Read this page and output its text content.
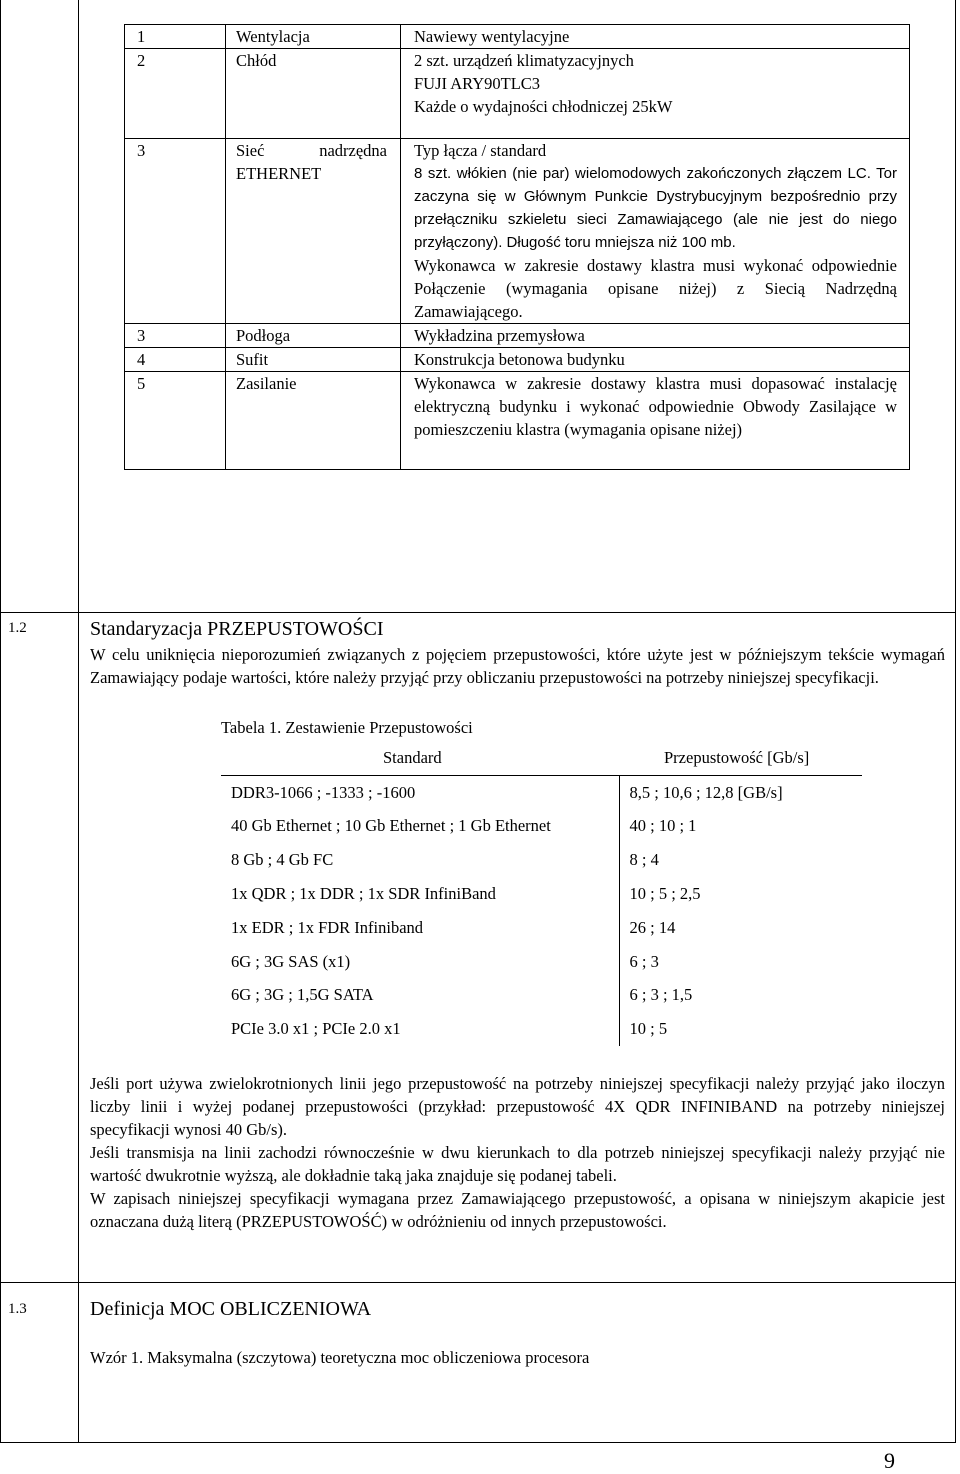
1	Wentylacja	Nawiewy wentylacyjne

2	Chłód	2 szt. urządzeń klimatyzacyjnych
FUJI ARY90TLC3
Każde o wydajności chłodniczej 25kW

3	Sieć nadrzędna ETHERNET	Typ łącza / standard
8 szt. włókien (nie par) wielomodowych zakończonych złączem LC. Tor zaczyna się w Głównym Punkcie Dystrybucyjnym bezpośrednio przy przełączniku szkieletu sieci Zamawiającego (ale nie jest do niego przyłączony). Długość toru mniejsza niż 100 mb.
Wykonawca w zakresie dostawy klastra musi wykonać odpowiednie Połączenie (wymagania opisane niżej) z Siecią Nadrzędną Zamawiającego.

3	Podłoga	Wykładzina przemysłowa

4	Sufit	Konstrukcja betonowa budynku

5	Zasilanie	Wykonawca w zakresie dostawy klastra musi dopasować instalację elektryczną budynku i wykonać odpowiednie Obwody Zasilające w pomieszczeniu klastra (wymagania opisane niżej)
1.2	Standaryzacja PRZEPUSTOWOŚCI
W celu uniknięcia nieporozumień związanych z pojęciem przepustowości, które użyte jest w późniejszym tekście wymagań Zamawiający podaje wartości, które należy przyjąć przy obliczaniu przepustowości na potrzeby niniejszej specyfikacji.
Tabela 1. Zestawienie Przepustowości
Standard	Przepustowość [Gb/s]
DDR3-1066 ; -1333 ; -1600	8,5 ; 10,6 ; 12,8 [GB/s]
40 Gb Ethernet ; 10 Gb Ethernet ; 1 Gb Ethernet	40 ; 10 ; 1
8 Gb ; 4 Gb FC	8 ; 4
1x QDR ; 1x DDR ; 1x SDR InfiniBand	10 ; 5 ; 2,5
1x EDR ; 1x FDR Infiniband	26 ; 14
6G ; 3G SAS (x1)	6 ; 3
6G ; 3G ; 1,5G SATA	6 ; 3 ; 1,5
PCIe 3.0 x1 ; PCIe 2.0 x1	10 ; 5
Jeśli port używa zwielokrotnionych linii jego przepustowość na potrzeby niniejszej specyfikacji należy przyjąć jako iloczyn liczby linii i wyżej podanej przepustowości (przykład: przepustowość 4X QDR INFINIBAND na potrzeby niniejszej specyfikacji wynosi 40 Gb/s).
Jeśli transmisja na linii zachodzi równocześnie w dwu kierunkach to dla potrzeb niniejszej specyfikacji należy przyjąć nie wartość dwukrotnie wyższą, ale dokładnie taką jaka znajduje się podanej tabeli.
W zapisach niniejszej specyfikacji wymagana przez Zamawiającego przepustowość, a opisana w niniejszym akapicie jest oznaczana dużą literą (PRZEPUSTOWOŚĆ) w odróżnieniu od innych przepustowości.
1.3	Definicja MOC OBLICZENIOWA
Wzór 1. Maksymalna (szczytowa) teoretyczna moc obliczeniowa procesora
9
